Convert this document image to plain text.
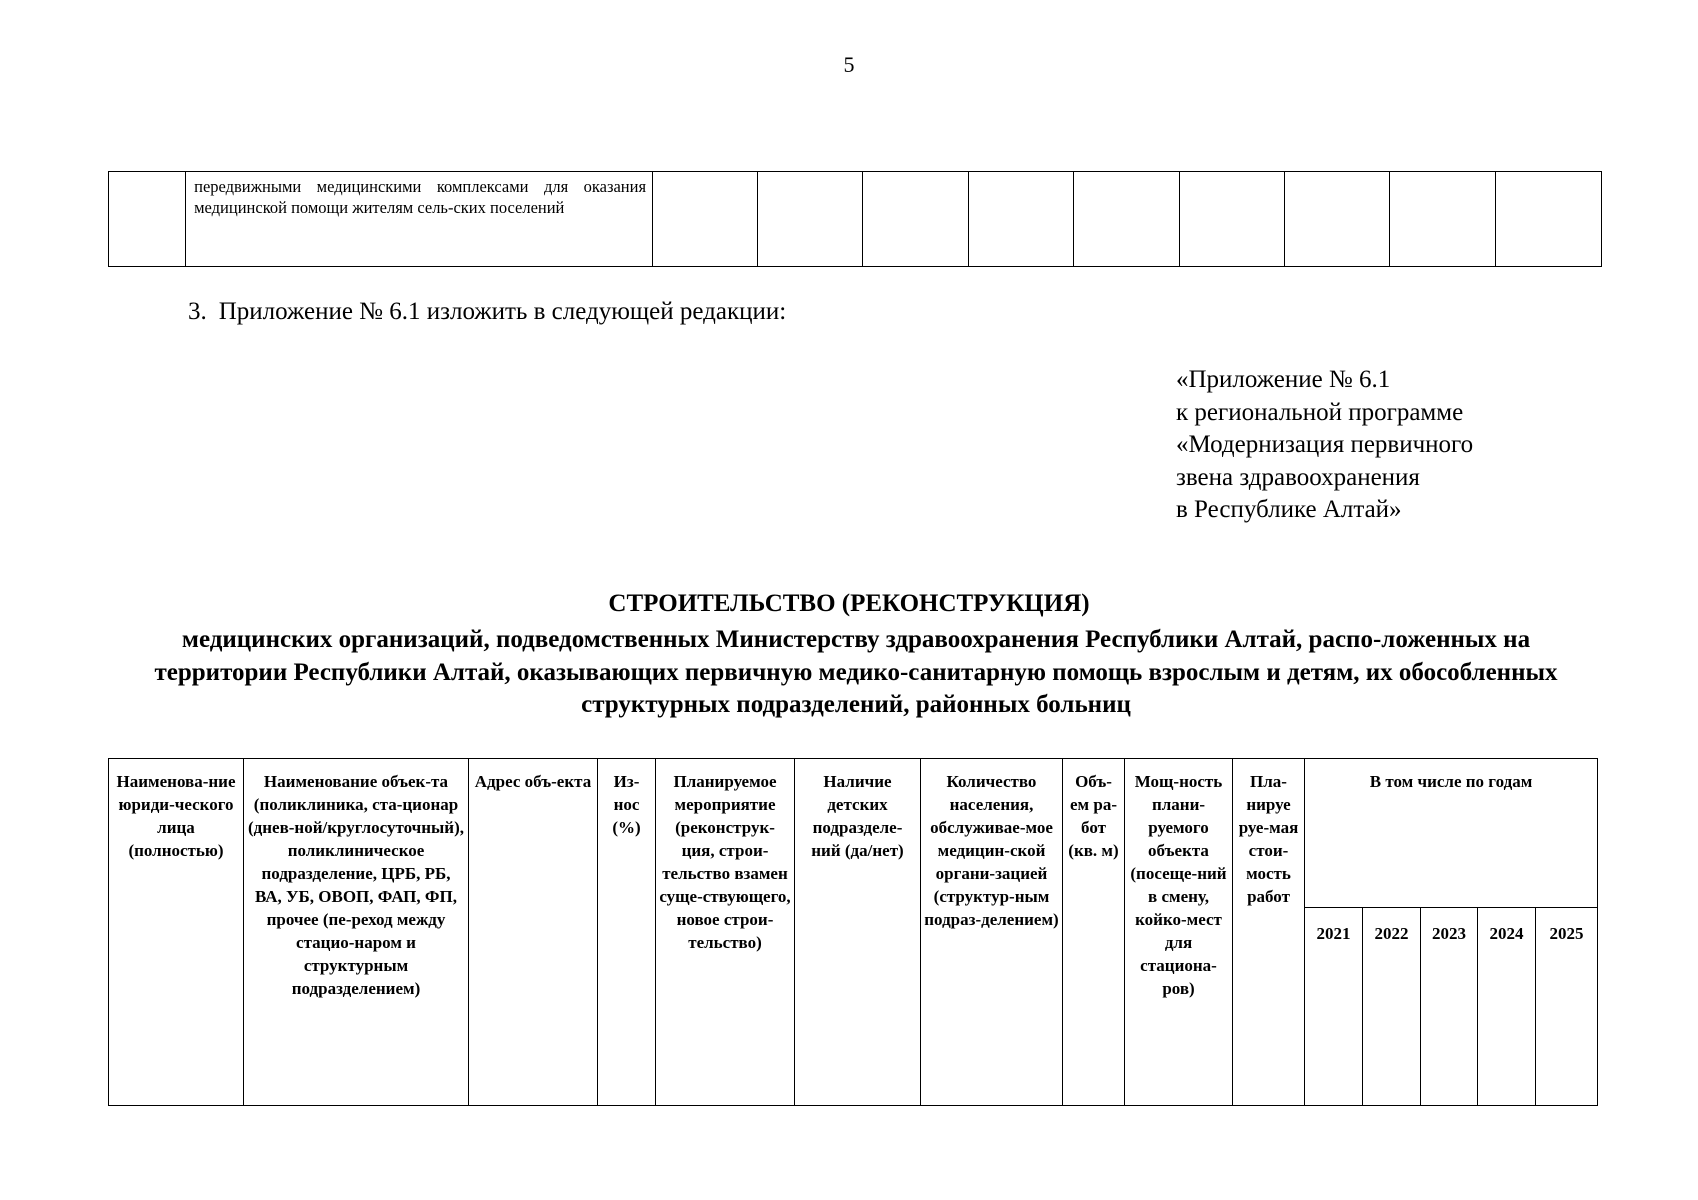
5
	передвижными медицинскими комплексами для оказания медицинской помощи жителям сель-ских поселений									
3. Приложение № 6.1 изложить в следующей редакции:
«Приложение № 6.1
к региональной программе
«Модернизация первичного
звена здравоохранения
в Республике Алтай»
СТРОИТЕЛЬСТВО (РЕКОНСТРУКЦИЯ)
медицинских организаций, подведомственных Министерству здравоохранения Республики Алтай, распо-ложенных на территории Республики Алтай, оказывающих первичную медико-санитарную помощь взрослым и детям, их обособленных структурных подразделений, районных больниц
Наименова-ние юриди-ческого лица (полностью)	Наименование объек-та (поликлиника, ста-ционар (днев-ной/круглосуточный), поликлиническое подразделение, ЦРБ, РБ, ВА, УБ, ОВОП, ФАП, ФП, прочее (пе-реход между стацио-наром и структурным подразделением)	Адрес объ-екта	Из-нос (%)	Планируемое мероприятие (реконструк-ция, строи-тельство взамен суще-ствующего, новое строи-тельство)	Наличие детских подразделе-ний (да/нет)	Количество населения, обслуживае-мое медицин-ской органи-зацией (структур-ным подраз-делением)	Объ-ем ра-бот (кв. м)	Мощ-ность плани-руемого объекта (посеще-ний в смену, койко-мест для стациона-ров)	Пла-нируе руе-мая стои-мость работ	В том числе по годам				
										2021	2022	2023	2024	2025
